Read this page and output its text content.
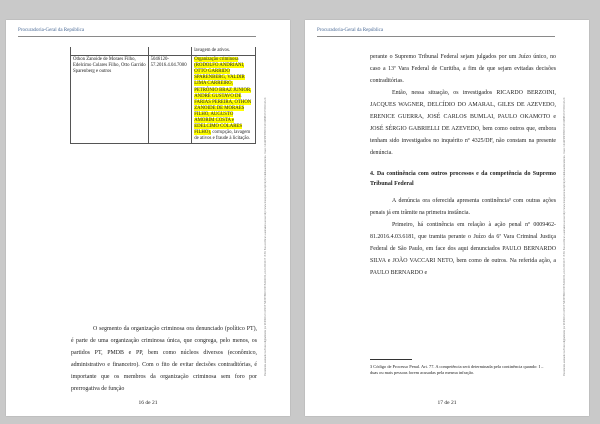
Procuradoria-Geral da República
		lavagem de ativos.
Othon Zanoide de Moraes Filho, Edelcimo Colares Filho, Otto Garrido Sparenberg e outros	5046120-57.2016.4.04.7000	Organização criminosa (RODOLFO ANDRIANI, OTTO GARRIDO SPARENBERG, VALDIR LIMA CARREIRO, PETRÔNIO BRAZ JUNIOR, ANDRÉ GUSTAVO DE FARIAS PEREIRA, OTHON ZANOIDE DE MORAES FILHO, AUGUSTO AMORIM COSTA e EDELCIMO COLARES FILHO), corrupção, lavagem de ativos e fraude à licitação.

O segmento da organização criminosa ora denunciado (político PT), é parte de uma organização criminosa única, que congrega, pelo menos, os partidos PT, PMDB e PP, bem como núcleos diversos (econômico, administrativo e financeiro). Com o fito de evitar decisões contraditórias, é importante que os membros da organização criminosa sem foro por prerrogativa de função

Documento assinado via Token digitalmente por RODRIGO JANOT MONTEIRO DE BARROS, em 01/09/2017 15:38. Para verificar a assinatura acesse http://www.transparencia.mpf.mp.br/validacaodocumento. Chave C4A4F43F.B5D7A3A5.6E8B1E1F.9D2C4A10
16 de 21
Procuradoria-Geral da República

perante o Supremo Tribunal Federal sejam julgados por um Juízo único, no caso a 13ª Vara Federal de Curitiba, a fim de que sejam evitadas decisões contraditórias.

Então, nessa situação, os investigados RICARDO BERZOINI, JACQUES WAGNER, DELCÍDIO DO AMARAL, GILES DE AZEVEDO, ERENICE GUERRA, JOSÉ CARLOS BUMLAI, PAULO OKAMOTO e JOSÉ SÉRGIO GABRIELLI DE AZEVEDO, bem como outros que, embora tenham sido investigados no inquérito nº 4325/DF, não constam na presente denúncia.

4. Da continência com outros processos e da competência do Supremo Tribunal Federal

A denúncia ora oferecida apresenta continência³ com outras ações penais já em trâmite na primeira instância.

Primeiro, há continência em relação à ação penal nº 0009462-81.2016.4.03.6181, que tramita perante o Juízo da 6ª Vara Criminal Justiça Federal de São Paulo, em face dos aqui denunciados PAULO BERNARDO SILVA e JOÃO VACCARI NETO, bem como de outros. Na referida ação, a PAULO BERNARDO e

3 Código de Processo Penal. Art. 77. A competência será determinada pela continência quando: I – duas ou mais pessoas forem acusadas pela mesma infração.	Documento assinado via Token digitalmente por RODRIGO JANOT MONTEIRO DE BARROS, em 01/09/2017 15:38. Para verificar a assinatura acesse http://www.transparencia.mpf.mp.br/validacaodocumento. Chave C4A4F43F.B5D7A3A5.6E8B1E1F.9D2C4A10
17 de 21
